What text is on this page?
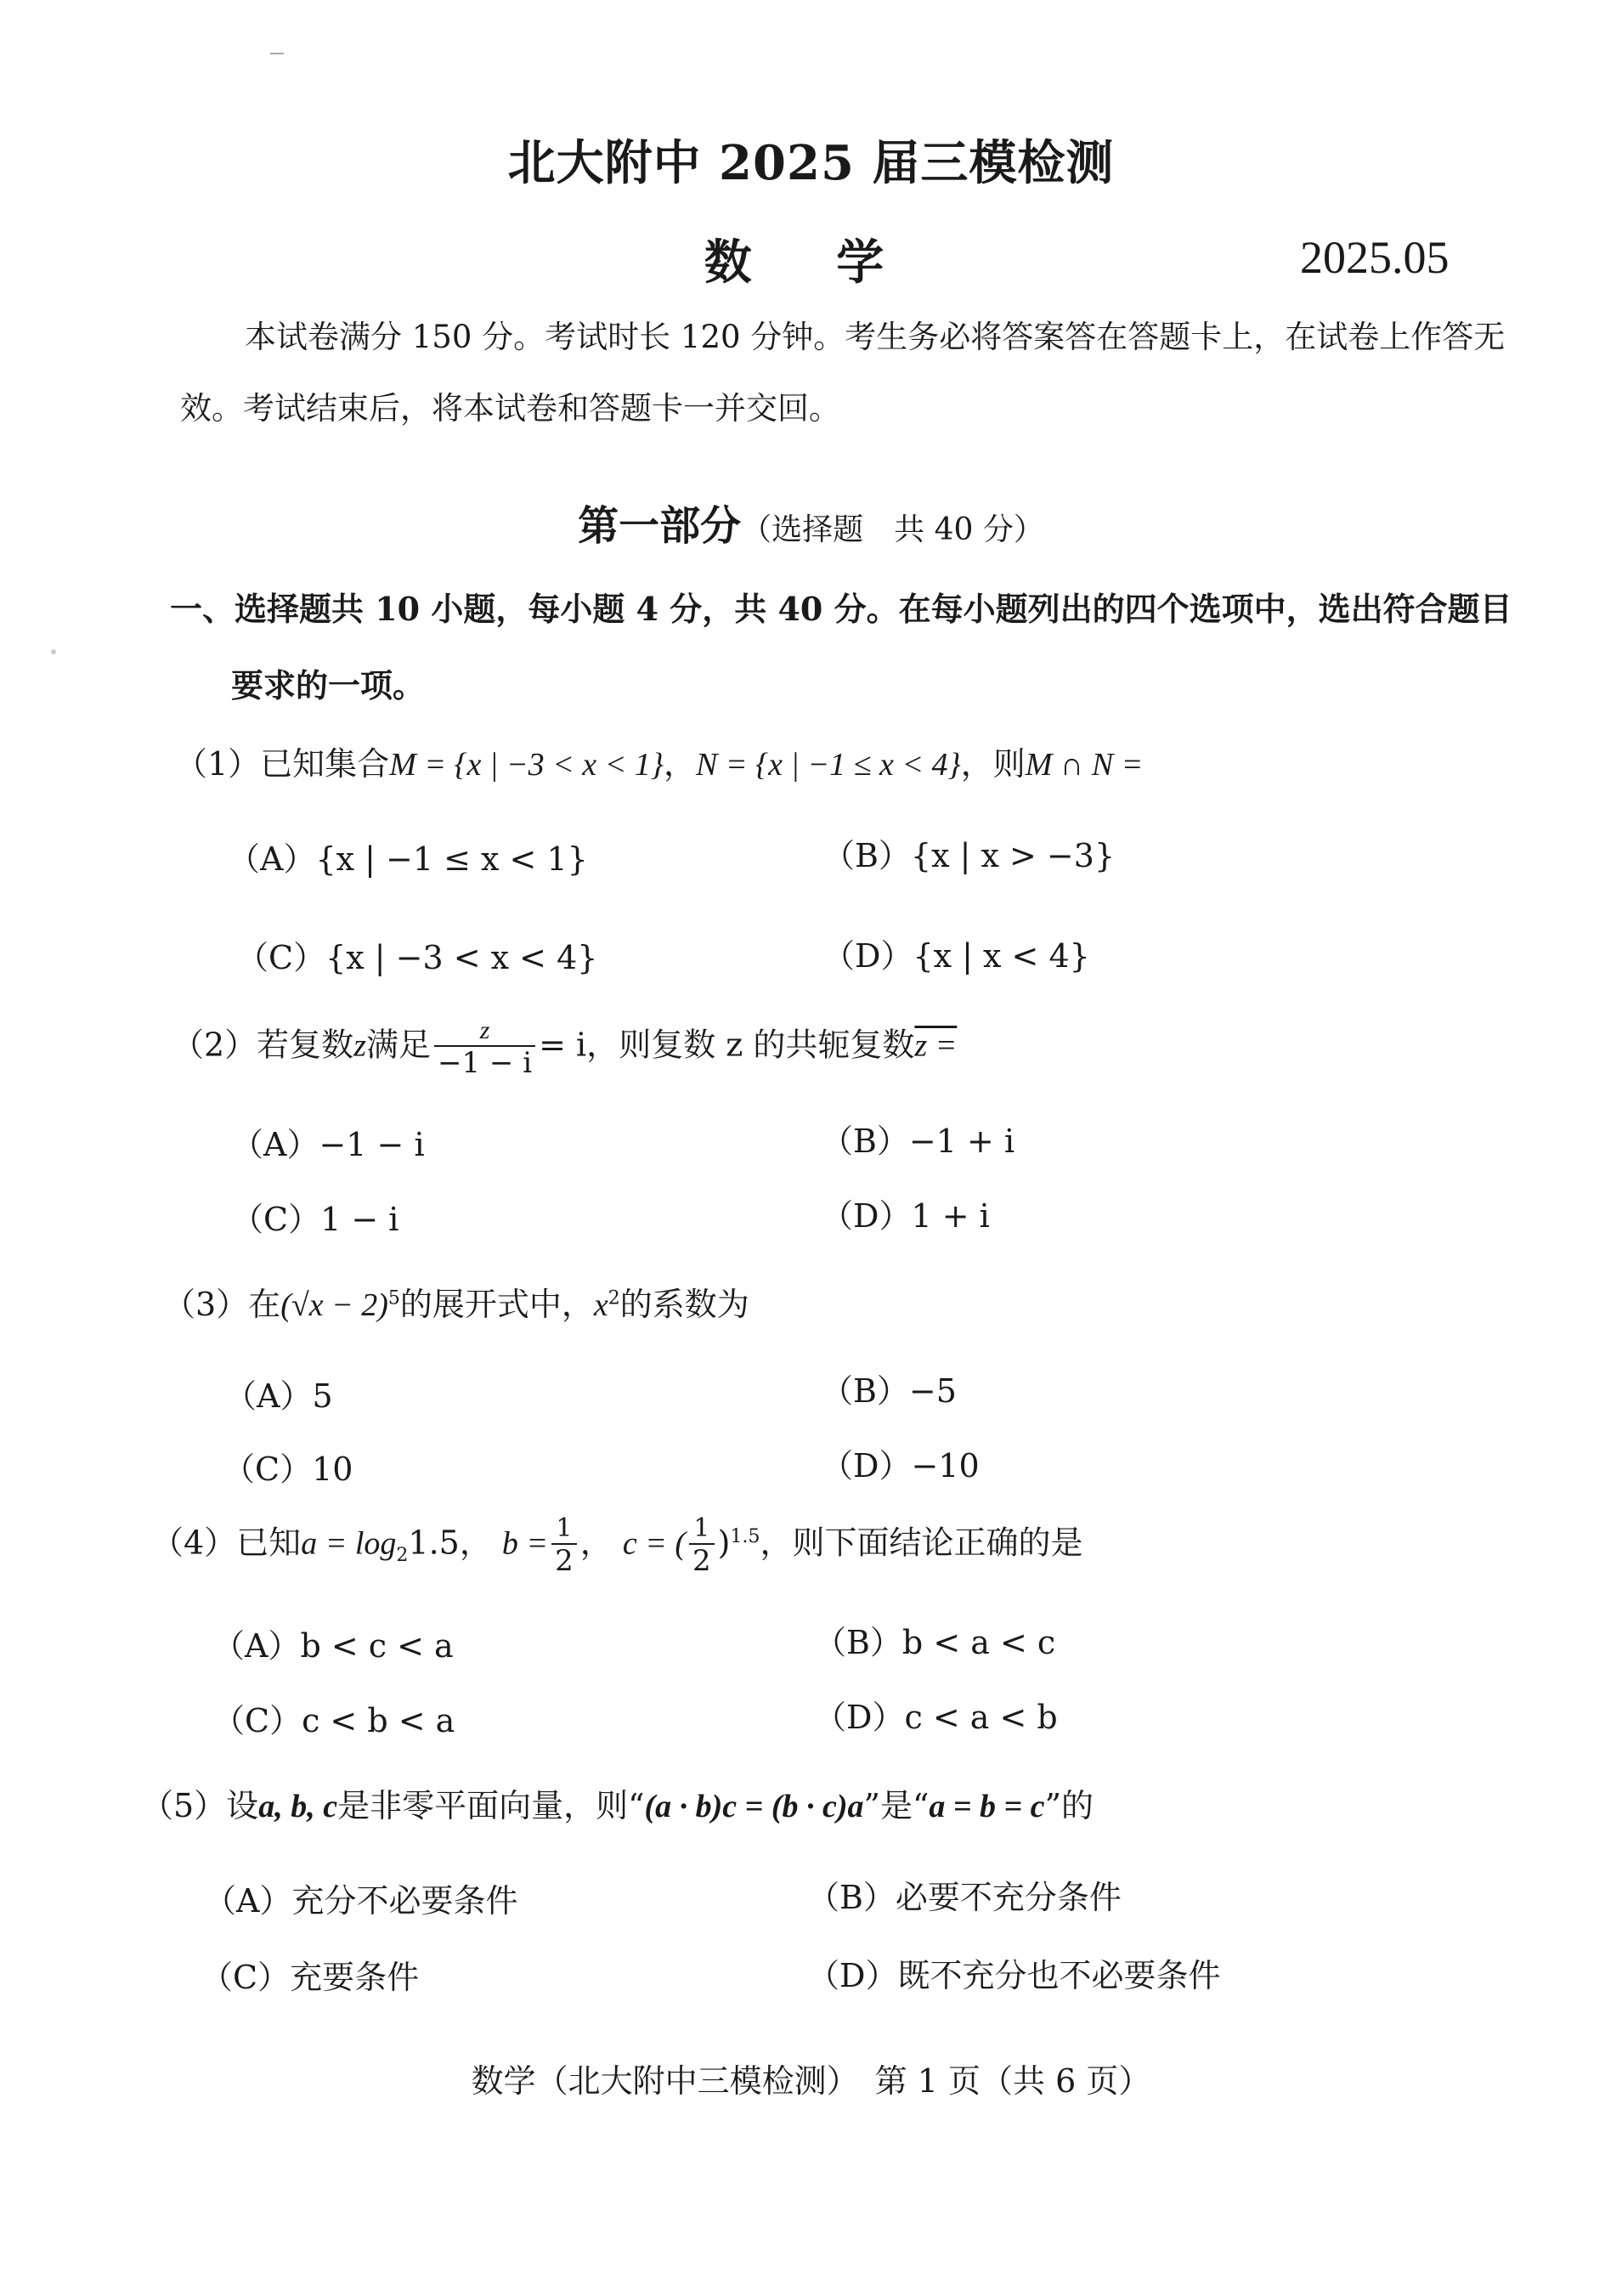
北大附中 2025 届三模检测
数 学	2025.05
本试卷满分 150 分。考试时长 120 分钟。考生务必将答案答在答题卡上，在试卷上作答无
效。考试结束后，将本试卷和答题卡一并交回。
第一部分（选择题　共 40 分）
一、选择题共 10 小题，每小题 4 分，共 40 分。在每小题列出的四个选项中，选出符合题目
要求的一项。
（1）已知集合M = {x | −3 < x < 1}，N = {x | −1 ≤ x < 4}，则M ∩ N =
（A）{x | −1 ≤ x < 1}	（B）{x | x > −3}
（C）{x | −3 < x < 4}	（D）{x | x < 4}
（2）若复数z满足 $\frac{z}{-1 - i} = i$，则复数 z 的共轭复数z =
（A）−1 − i	（B）−1 + i
（C）1 − i	（D）1 + i
（3）在$(√x - 2)^5$的展开式中，$x^2$的系数为
（A）5	（B）−5
（C）10	（D）−10
（4）已知$a = \log_21.5$， $b = \frac{1}{2}$ ， c = ( $\frac{1}{2} )^{1.5}$，则下面结论正确的是
（A）b < c < a	（B）b < a < c
（C）c < b < a	（D）c < a < b
（5）设a, b, c是非零平面向量，则“(a · b)c = (b · c)a”是“a = b = c”的
（A）充分不必要条件	（B）必要不充分条件
（C）充要条件	（D）既不充分也不必要条件
数学（北大附中三模检测）　第 1 页（共 6 页）
